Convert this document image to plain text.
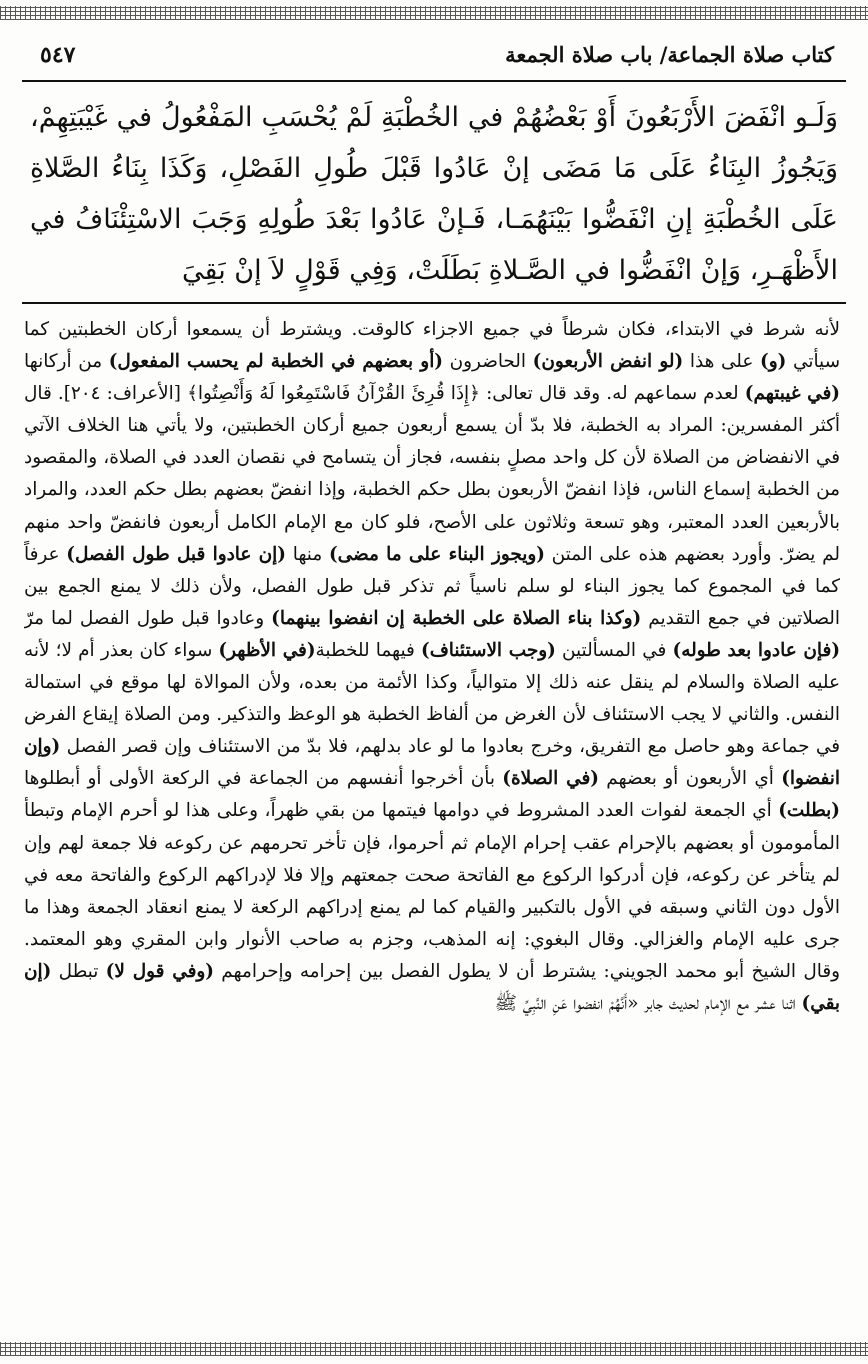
كتاب صلاة الجماعة/ باب صلاة الجمعة
٥٤٧
وَلَـو انْفَضَ الأَرْبَعُونَ أَوْ بَعْضُهُمْ في الخُطْبَةِ لَمْ يُحْسَبِ المَفْعُولُ في غَيْبَتِهِمْ، وَيَجُوزُ البِنَاءُ عَلَى مَا مَضَى إنْ عَادُوا قَبْلَ طُولِ الفَصْلِ، وَكَذَا بِنَاءُ الصَّلاةِ عَلَى الخُطْبَةِ إنِ انْفَضُّوا بَيْنَهُمَـا، فَـإنْ عَادُوا بَعْدَ طُولِهِ وَجَبَ الاسْتِئْنَافُ في الأَظْهَـرِ، وَإنْ انْفَضُّوا في الصَّـلاةِ بَطَلَتْ، وَفِي قَوْلٍ لاَ إنْ بَقِيَ

لأنه شرط في الابتداء، فكان شرطاً في جميع الاجزاء كالوقت. ويشترط أن يسمعوا أركان الخطبتين كما سيأتي (و) على هذا (لو انفض الأربعون) الحاضرون (أو بعضهم في الخطبة لم يحسب المفعول) من أركانها (في غيبتهم) لعدم سماعهم له. وقد قال تعالى: ﴿إِذَا قُرِئَ القُرْآنُ فَاسْتَمِعُوا لَهُ وَأَنْصِتُوا﴾ [الأعراف: ٢٠٤]. قال أكثر المفسرين: المراد به الخطبة، فلا بدّ أن يسمع أربعون جميع أركان الخطبتين، ولا يأتي هنا الخلاف الآتي في الانفضاض من الصلاة لأن كل واحد مصلٍ بنفسه، فجاز أن يتسامح في نقصان العدد في الصلاة، والمقصود من الخطبة إسماع الناس، فإذا انفضّ الأربعون بطل حكم الخطبة، وإذا انفضّ بعضهم بطل حكم العدد، والمراد بالأربعين العدد المعتبر، وهو تسعة وثلاثون على الأصح، فلو كان مع الإمام الكامل أربعون فانفضّ واحد منهم لم يضرّ. وأورد بعضهم هذه على المتن (ويجوز البناء على ما مضى) منها (إن عادوا قبل طول الفصل) عرفاً كما في المجموع كما يجوز البناء لو سلم ناسياً ثم تذكر قبل طول الفصل، ولأن ذلك لا يمنع الجمع بين الصلاتين في جمع التقديم (وكذا بناء الصلاة على الخطبة إن انفضوا بينهما) وعادوا قبل طول الفصل لما مرّ (فإن عادوا بعد طوله) في المسألتين (وجب الاستئناف) فيهما للخطبة(في الأظهر) سواء كان بعذر أم لا؛ لأنه عليه الصلاة والسلام لم ينقل عنه ذلك إلا متوالياً، وكذا الأئمة من بعده، ولأن الموالاة لها موقع في استمالة النفس. والثاني لا يجب الاستئناف لأن الغرض من ألفاظ الخطبة هو الوعظ والتذكير. ومن الصلاة إيقاع الفرض في جماعة وهو حاصل مع التفريق، وخرج بعادوا ما لو عاد بدلهم، فلا بدّ من الاستئناف وإن قصر الفصل (وإن انفضوا) أي الأربعون أو بعضهم (في الصلاة) بأن أخرجوا أنفسهم من الجماعة في الركعة الأولى أو أبطلوها (بطلت) أي الجمعة لفوات العدد المشروط في دوامها فيتمها من بقي ظهراً، وعلى هذا لو أحرم الإمام وتبطأ المأمومون أو بعضهم بالإحرام عقب إحرام الإمام ثم أحرموا، فإن تأخر تحرمهم عن ركوعه فلا جمعة لهم وإن لم يتأخر عن ركوعه، فإن أدركوا الركوع مع الفاتحة صحت جمعتهم وإلا فلا لإدراكهم الركوع والفاتحة معه في الأول دون الثاني وسبقه في الأول بالتكبير والقيام كما لم يمنع إدراكهم الركعة لا يمنع انعقاد الجمعة وهذا ما جرى عليه الإمام والغزالي. وقال البغوي: إنه المذهب، وجزم به صاحب الأنوار وابن المقري وهو المعتمد. وقال الشيخ أبو محمد الجويني: يشترط أن لا يطول الفصل بين إحرامه وإحرامهم (وفي قول لا) تبطل (إن بقي) اثنا عشر مع الإمام لحديث جابر «أَنَّهُمْ انفضوا عَنِ النَّبِيِّ ﷺ
